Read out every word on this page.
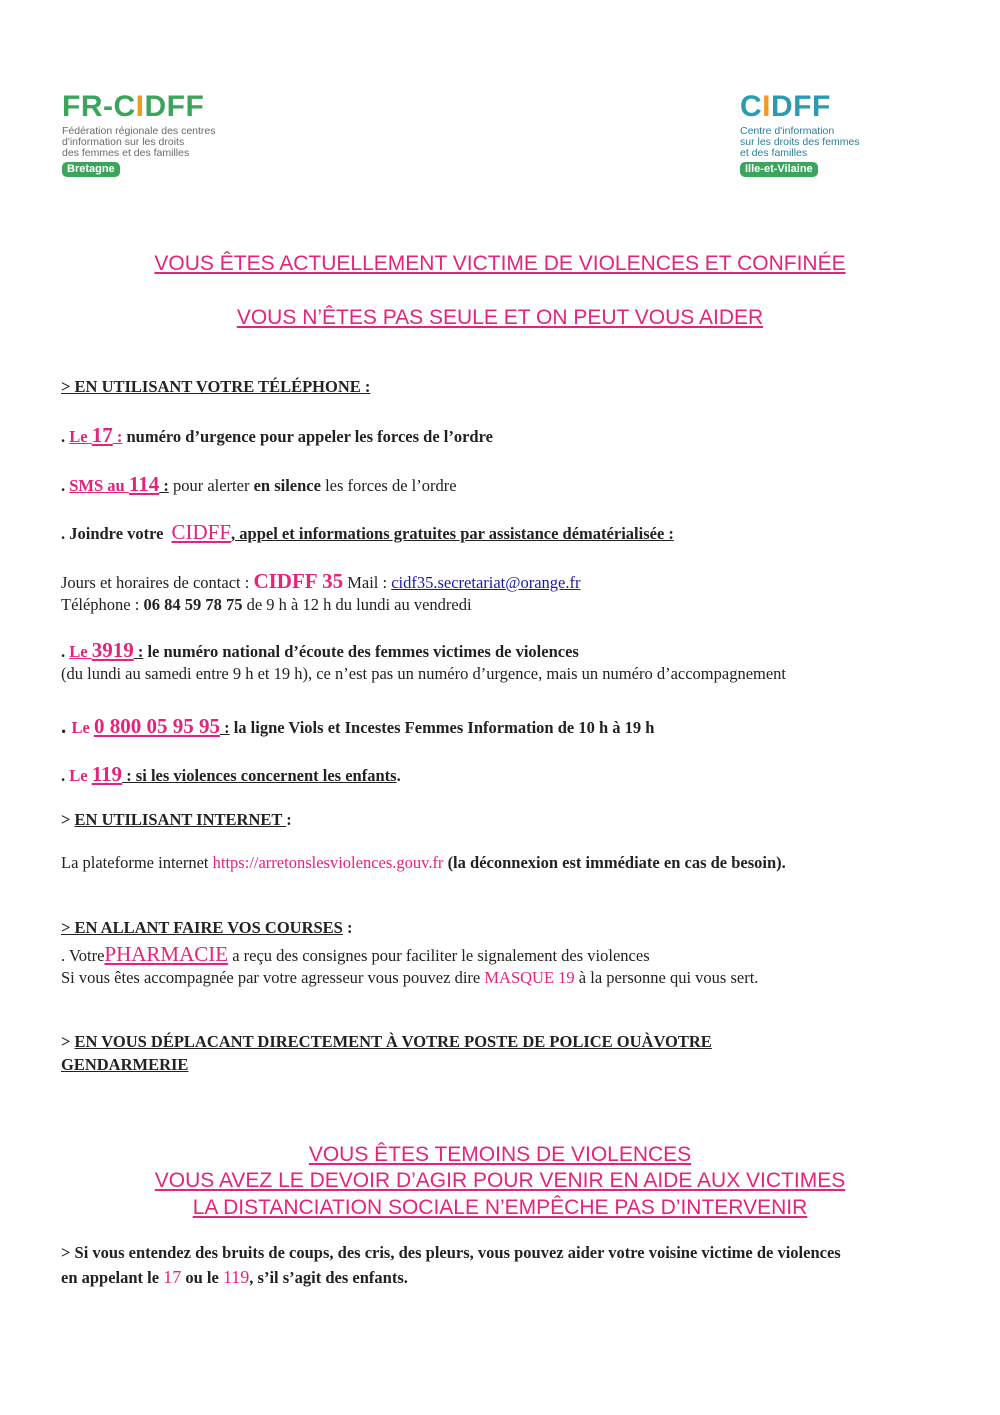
FR-CIDFF
Fédération régionale des centres
d'information sur les droits
des femmes et des familles
Bretagne
CIDFF
Centre d'information
sur les droits des femmes
et des familles
Ille-et-Vilaine
VOUS ÊTES ACTUELLEMENT VICTIME DE VIOLENCES ET CONFINÉE
VOUS N’ÊTES PAS SEULE ET ON PEUT VOUS AIDER
> EN UTILISANT VOTRE TÉLÉPHONE :
. Le 17 : numéro d’urgence pour appeler les forces de l’ordre
. SMS au 114 : pour alerter en silence les forces de l’ordre
. Joindre votre CIDFF, appel et informations gratuites par assistance dématérialisée :
Jours et horaires de contact : CIDFF 35 Mail : cidf35.secretariat@orange.fr
Téléphone : 06 84 59 78 75 de 9 h à 12 h du lundi au vendredi
. Le 3919 : le numéro national d’écoute des femmes victimes de violences
(du lundi au samedi entre 9 h et 19 h), ce n’est pas un numéro d’urgence, mais un numéro d’accompagnement
. Le 0 800 05 95 95 : la ligne Viols et Incestes Femmes Information de 10 h à 19 h
. Le 119 : si les violences concernent les enfants.
> EN UTILISANT INTERNET :
La plateforme internet https://arretonslesviolences.gouv.fr (la déconnexion est immédiate en cas de besoin).
> EN ALLANT FAIRE VOS COURSES :
. VotrePHARMACIE a reçu des consignes pour faciliter le signalement des violences
Si vous êtes accompagnée par votre agresseur vous pouvez dire MASQUE 19 à la personne qui vous sert.
> EN VOUS DÉPLACANT DIRECTEMENT À VOTRE POSTE DE POLICE OUÀVOTRE
GENDARMERIE
VOUS ÊTES TEMOINS DE VIOLENCES
VOUS AVEZ LE DEVOIR D’AGIR POUR VENIR EN AIDE AUX VICTIMES
LA DISTANCIATION SOCIALE N’EMPÊCHE PAS D’INTERVENIR
> Si vous entendez des bruits de coups, des cris, des pleurs, vous pouvez aider votre voisine victime de violences
en appelant le 17 ou le 119, s’il s’agit des enfants.
